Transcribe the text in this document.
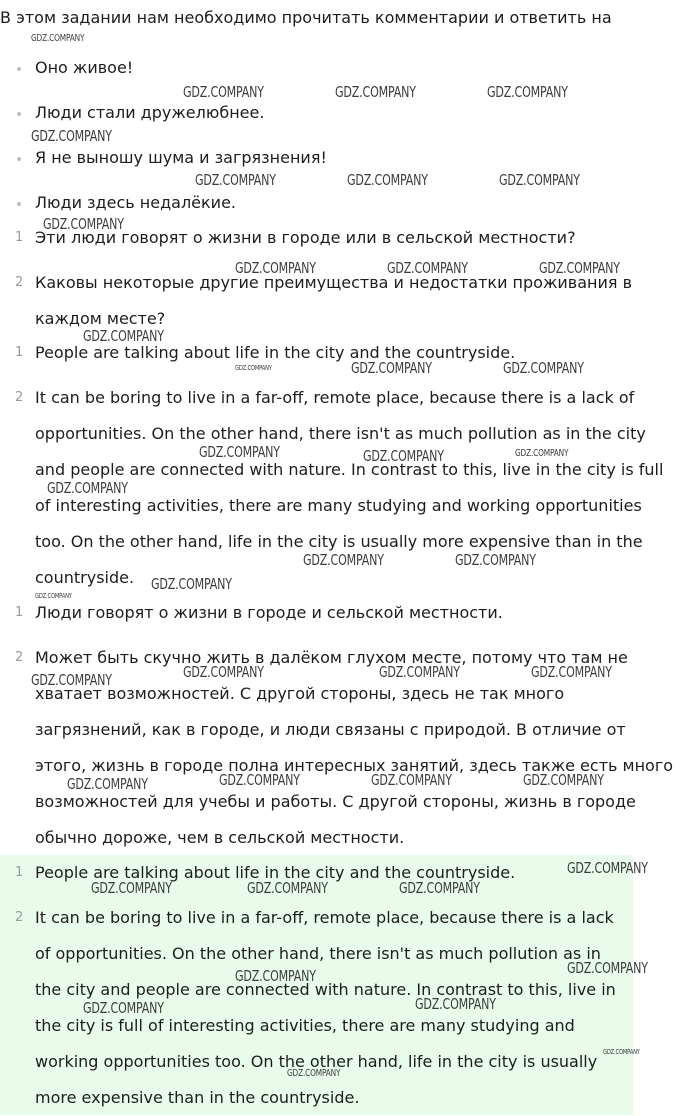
В этом задании нам необходимо прочитать комментарии и ответить на

Оно живое!
Люди стали дружелюбнее.
Я не выношу шума и загрязнения!
Люди здесь недалёкие.
1 Эти люди говорят о жизни в городе или в сельской местности?
2 Каковы некоторые другие преимущества и недостатки проживания в каждом месте?
1 People are talking about life in the city and the countryside.
2 It can be boring to live in a far-off, remote place, because there is a lack of opportunities. On the other hand, there isn't as much pollution as in the city and people are connected with nature. In contrast to this, live in the city is full of interesting activities, there are many studying and working opportunities too. On the other hand, life in the city is usually more expensive than in the countryside.
1 Люди говорят о жизни в городе и сельской местности.
2 Может быть скучно жить в далёком глухом месте, потому что там не хватает возможностей. С другой стороны, здесь не так много загрязнений, как в городе, и люди связаны с природой. В отличие от этого, жизнь в городе полна интересных занятий, здесь также есть много возможностей для учебы и работы. С другой стороны, жизнь в городе обычно дороже, чем в сельской местности.
1 People are talking about life in the city and the countryside.
2 It can be boring to live in a far-off, remote place, because there is a lack of opportunities. On the other hand, there isn't as much pollution as in the city and people are connected with nature. In contrast to this, live in the city is full of interesting activities, there are many studying and working opportunities too. On the other hand, life in the city is usually more expensive than in the countryside.
GDZ.COMPANY
GDZ.COMPANY	GDZ.COMPANY	GDZ.COMPANY
GDZ.COMPANY
GDZ.COMPANY	GDZ.COMPANY	GDZ.COMPANY
GDZ.COMPANY
GDZ.COMPANY	GDZ.COMPANY	GDZ.COMPANY
GDZ.COMPANY
GDZ.COMPANY	GDZ.COMPANY	GDZ.COMPANY
GDZ.COMPANY	GDZ.COMPANY	GDZ.COMPANY
GDZ.COMPANY
GDZ.COMPANY	GDZ.COMPANY
GDZ.COMPANY
GDZ.COMPANY
GDZ.COMPANY	GDZ.COMPANY	GDZ.COMPANY	GDZ.COMPANY
GDZ.COMPANY	GDZ.COMPANY	GDZ.COMPANY	GDZ.COMPANY
GDZ.COMPANY
GDZ.COMPANY	GDZ.COMPANY	GDZ.COMPANY
GDZ.COMPANY
GDZ.COMPANY
GDZ.COMPANY	GDZ.COMPANY
GDZ.COMPANY
GDZ.COMPANY
